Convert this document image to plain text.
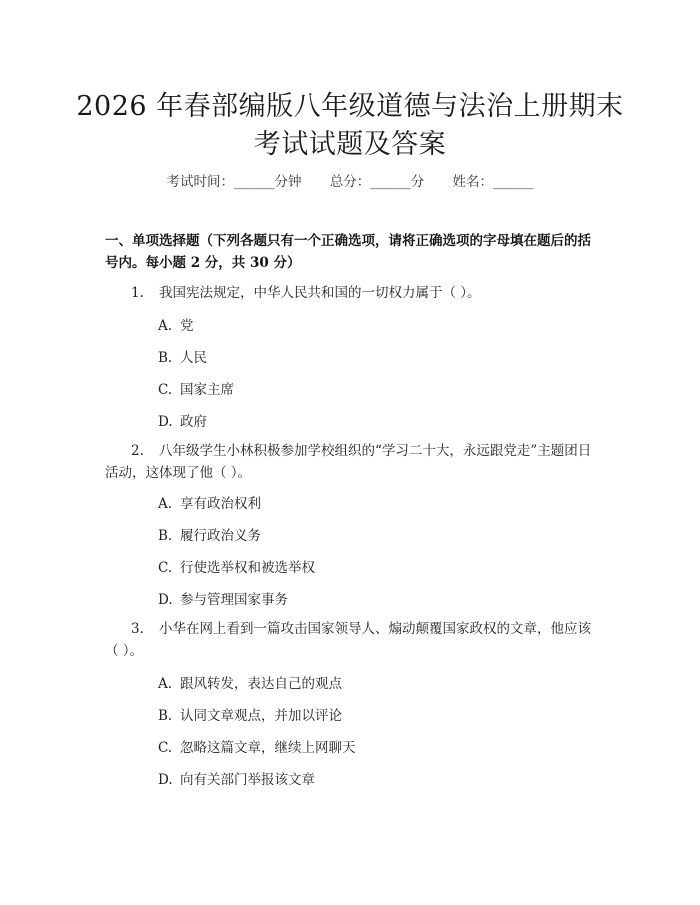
2026 年春部编版八年级道德与法治上册期末
考试试题及答案
考试时间：______分钟 总分：______分 姓名：______
一、单项选择题（下列各题只有一个正确选项，请将正确选项的字母填在题后的括号内。每小题 2 分，共 30 分）
1. 我国宪法规定，中华人民共和国的一切权力属于（ ）。
A. 党
B. 人民
C. 国家主席
D. 政府
2. 八年级学生小林积极参加学校组织的“学习二十大，永远跟党走”主题团日活动，这体现了他（ ）。
A. 享有政治权利
B. 履行政治义务
C. 行使选举权和被选举权
D. 参与管理国家事务
3. 小华在网上看到一篇攻击国家领导人、煽动颠覆国家政权的文章，他应该（ ）。
A. 跟风转发，表达自己的观点
B. 认同文章观点，并加以评论
C. 忽略这篇文章，继续上网聊天
D. 向有关部门举报该文章
